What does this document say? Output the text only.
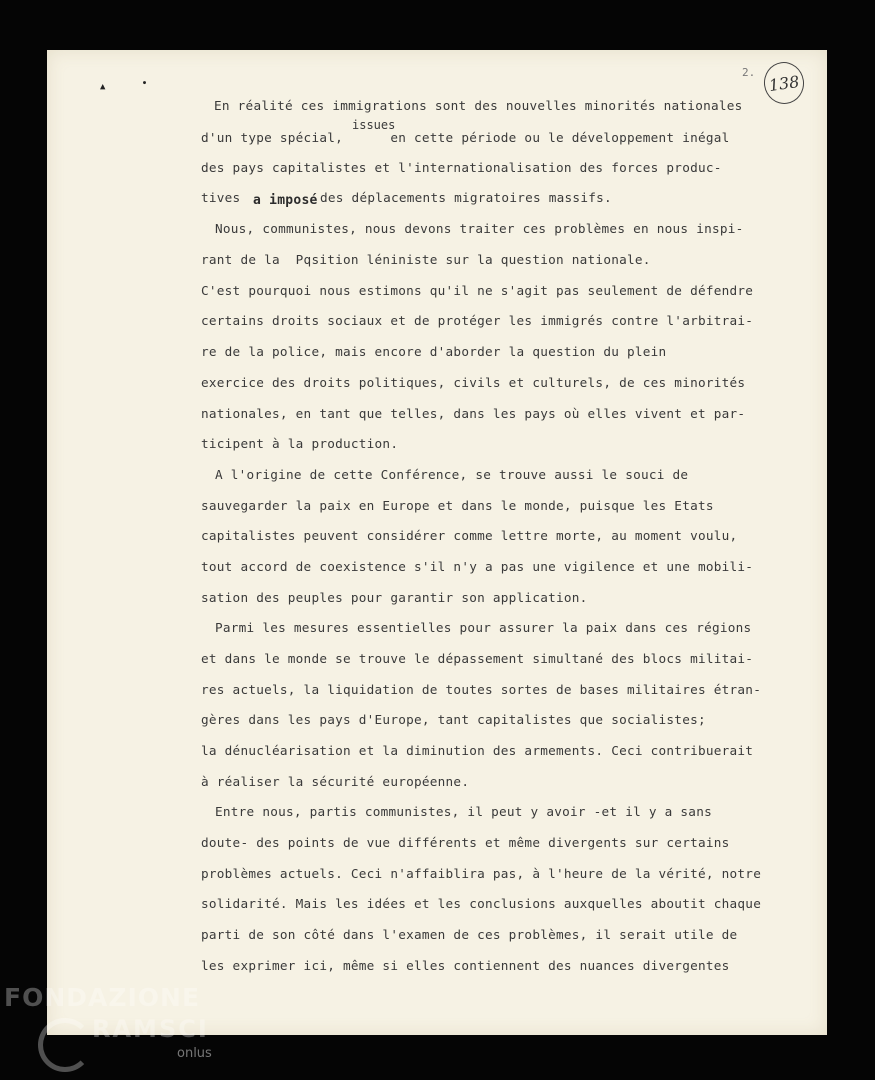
▲	●
2. 138
En réalité ces immigrations sont des nouvelles minorités nationales
issues
d'un type spécial,      en cette période ou le développement inégal
des pays capitalistes et l'internationalisation des forces produc-
tives a imposé des déplacements migratoires massifs.
Nous, communistes, nous devons traiter ces problèmes en nous inspi-
rant de la  Pqsition léniniste sur la question nationale.
C'est pourquoi nous estimons qu'il ne s'agit pas seulement de défendre
certains droits sociaux et de protéger les immigrés contre l'arbitrai-
re de la police, mais encore d'aborder la question du plein
exercice des droits politiques, civils et culturels, de ces minorités
nationales, en tant que telles, dans les pays où elles vivent et par-
ticipent à la production.
A l'origine de cette Conférence, se trouve aussi le souci de
sauvegarder la paix en Europe et dans le monde, puisque les Etats
capitalistes peuvent considérer comme lettre morte, au moment voulu,
tout accord de coexistence s'il n'y a pas une vigilence et une mobili-
sation des peuples pour garantir son application.
Parmi les mesures essentielles pour assurer la paix dans ces régions
et dans le monde se trouve le dépassement simultané des blocs militai-
res actuels, la liquidation de toutes sortes de bases militaires étran-
gères dans les pays d'Europe, tant capitalistes que socialistes;
la dénucléarisation et la diminution des armements. Ceci contribuerait
à réaliser la sécurité européenne.
Entre nous, partis communistes, il peut y avoir -et il y a sans
doute- des points de vue différents et même divergents sur certains
problèmes actuels. Ceci n'affaiblira pas, à l'heure de la vérité, notre
solidarité. Mais les idées et les conclusions auxquelles aboutit chaque
parti de son côté dans l'examen de ces problèmes, il serait utile de
les exprimer ici, même si elles contiennent des nuances divergentes
FONDAZIONE
RAMSCI
onlus
